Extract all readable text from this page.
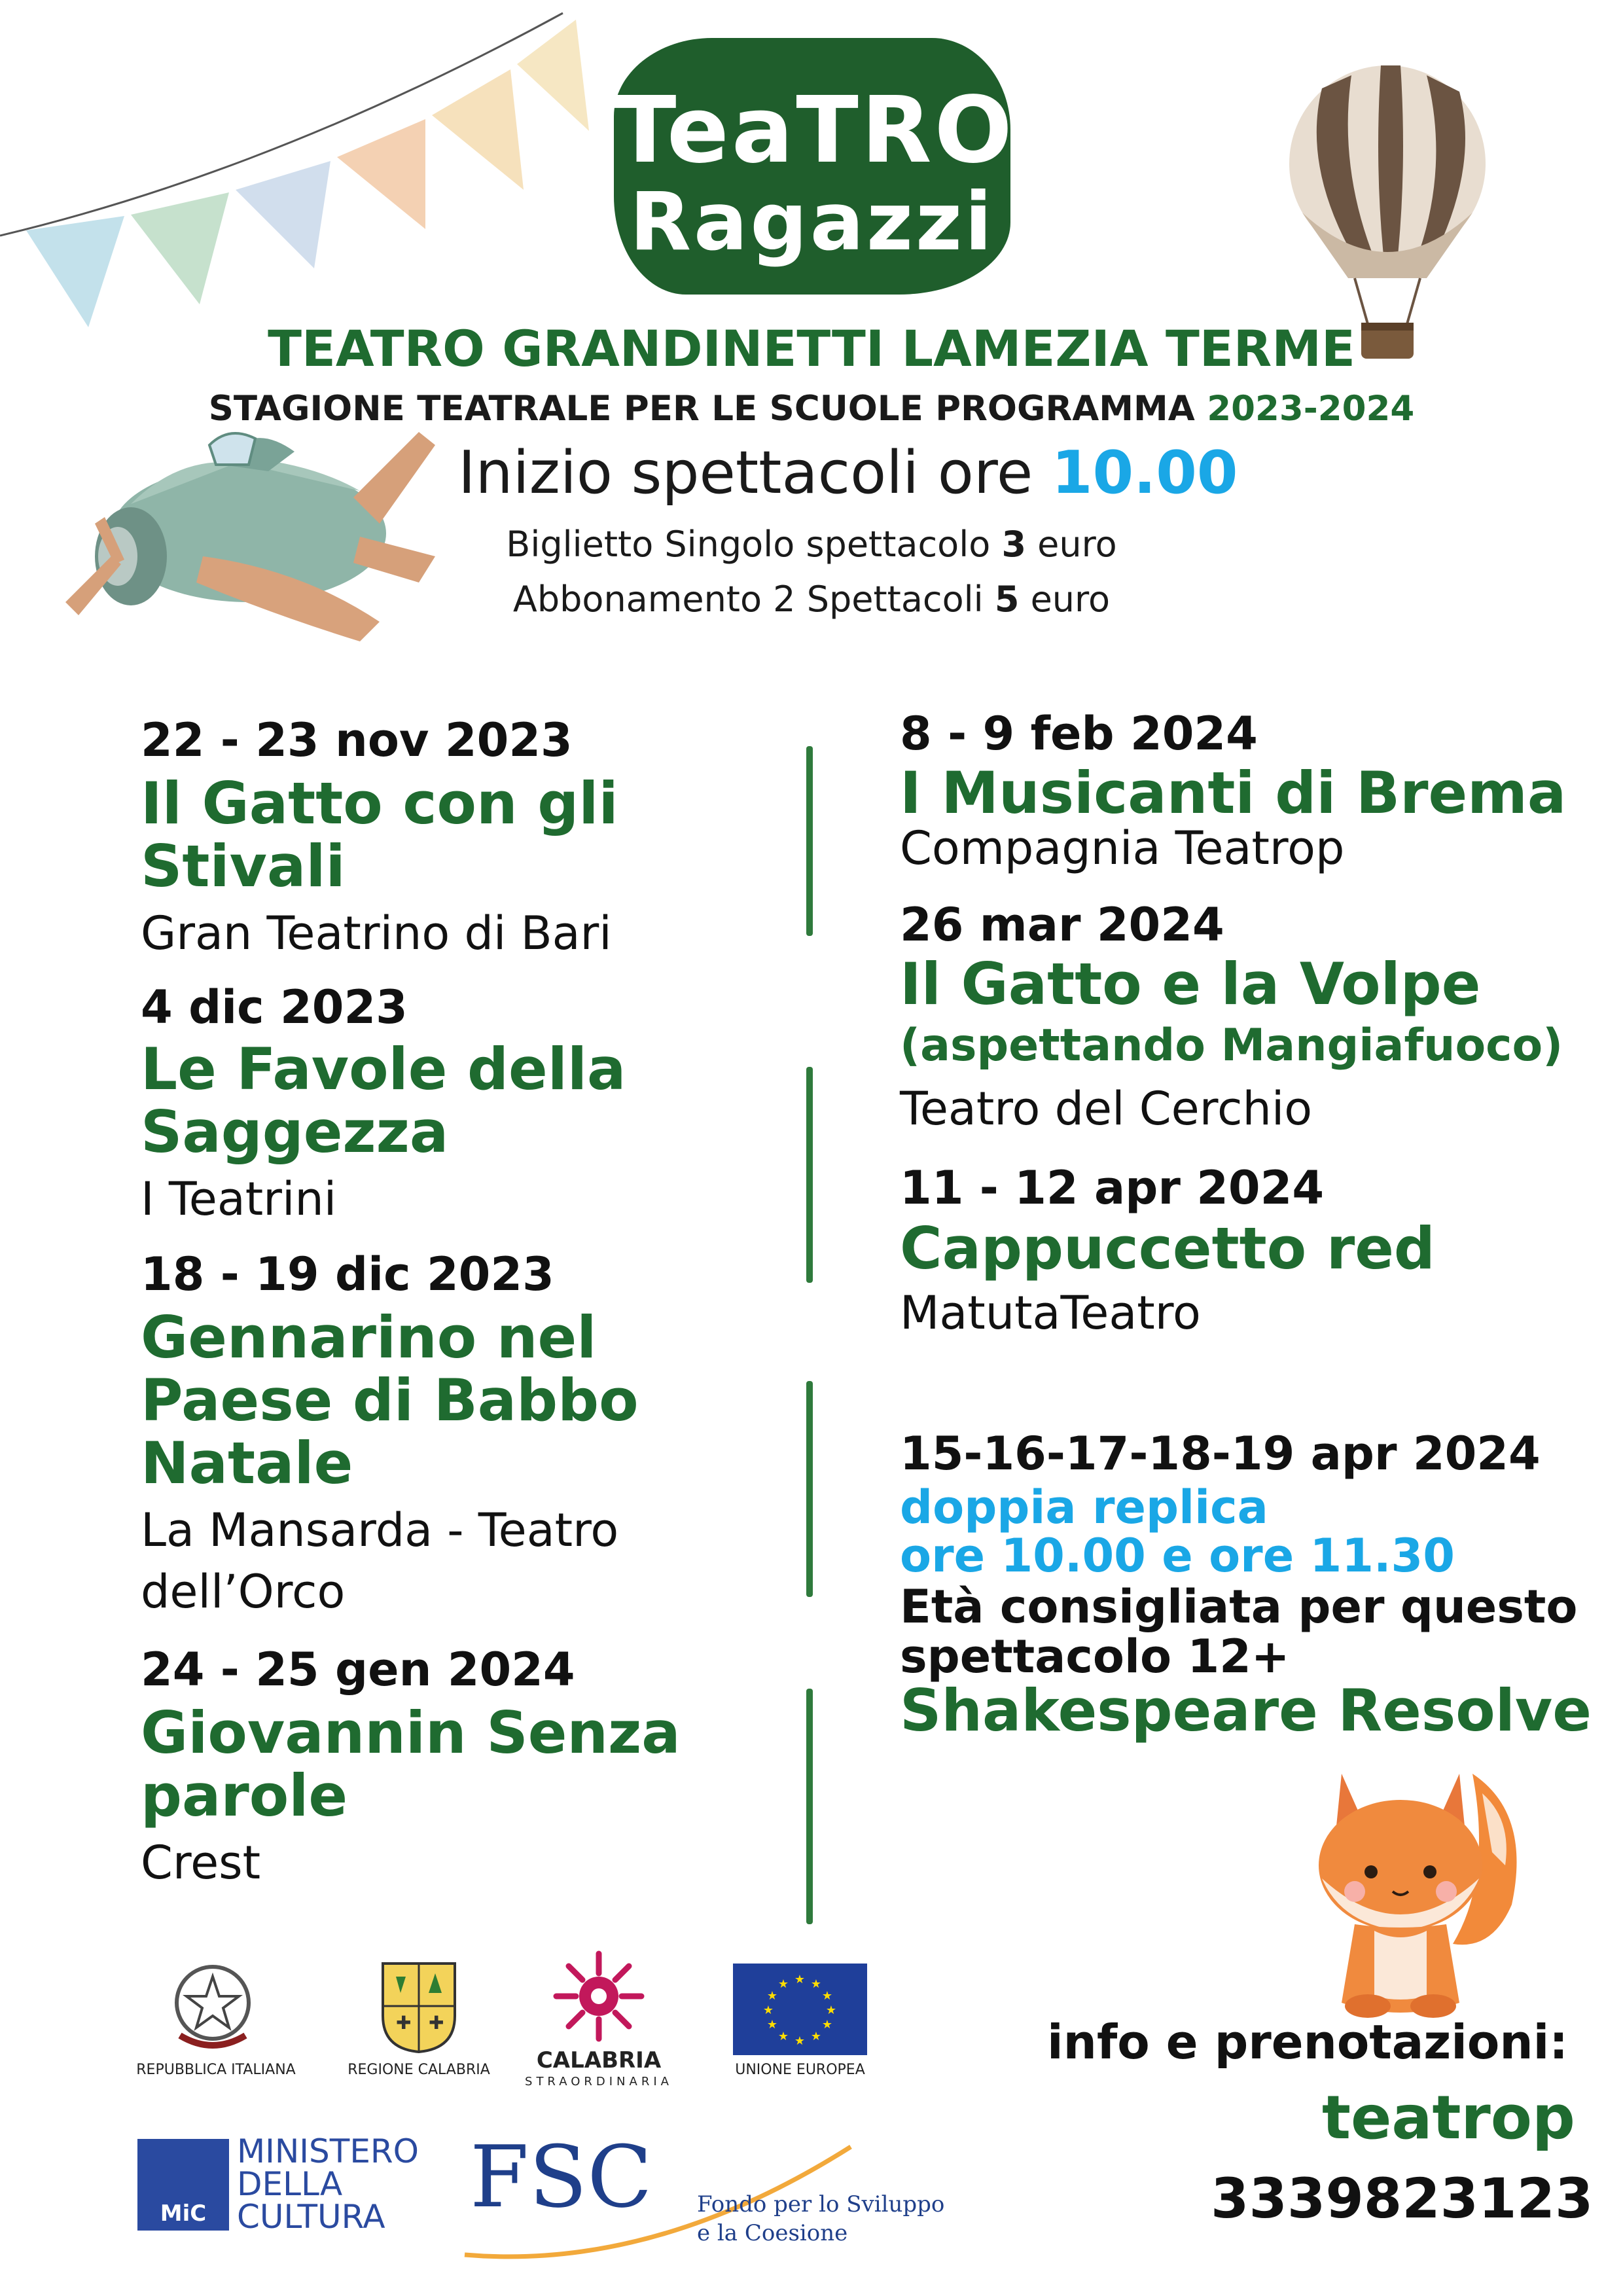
TeaTRO
Ragazzi
TEATRO GRANDINETTI LAMEZIA TERME
STAGIONE TEATRALE PER LE SCUOLE PROGRAMMA 2023-2024
Inizio spettacoli ore 10.00
Biglietto Singolo spettacolo 3 euro
Abbonamento 2 Spettacoli 5 euro
22 - 23 nov 2023
Il Gatto con gli
Stivali
Gran Teatrino di Bari
4 dic 2023
Le Favole della
Saggezza
I Teatrini
18 - 19 dic 2023
Gennarino nel
Paese di Babbo
Natale
La Mansarda - Teatro
dell’Orco
24 - 25 gen 2024
Giovannin Senza
parole
Crest
8 - 9 feb 2024
I Musicanti di Brema
Compagnia Teatrop
26 mar 2024
Il Gatto e la Volpe
(aspettando Mangiafuoco)
Teatro del Cerchio
11 - 12 apr 2024
Cappuccetto red
MatutaTeatro
15-16-17-18-19 apr 2024
doppia replica
ore 10.00 e ore 11.30
Età consigliata per questo
spettacolo 12+
Shakespeare Resolve
REPUBBLICA ITALIANA
✚ ✚
REGIONE CALABRIA	CALABRIA
STRAORDINARIA
★ ★
★
★
★
★
★
★
★
★
★
★
UNIONE EUROPEA
MiC
MINISTERO
DELLA
CULTURA FSC Fondo per lo Sviluppo
e la Coesione
info e prenotazioni:
teatrop
3339823123
